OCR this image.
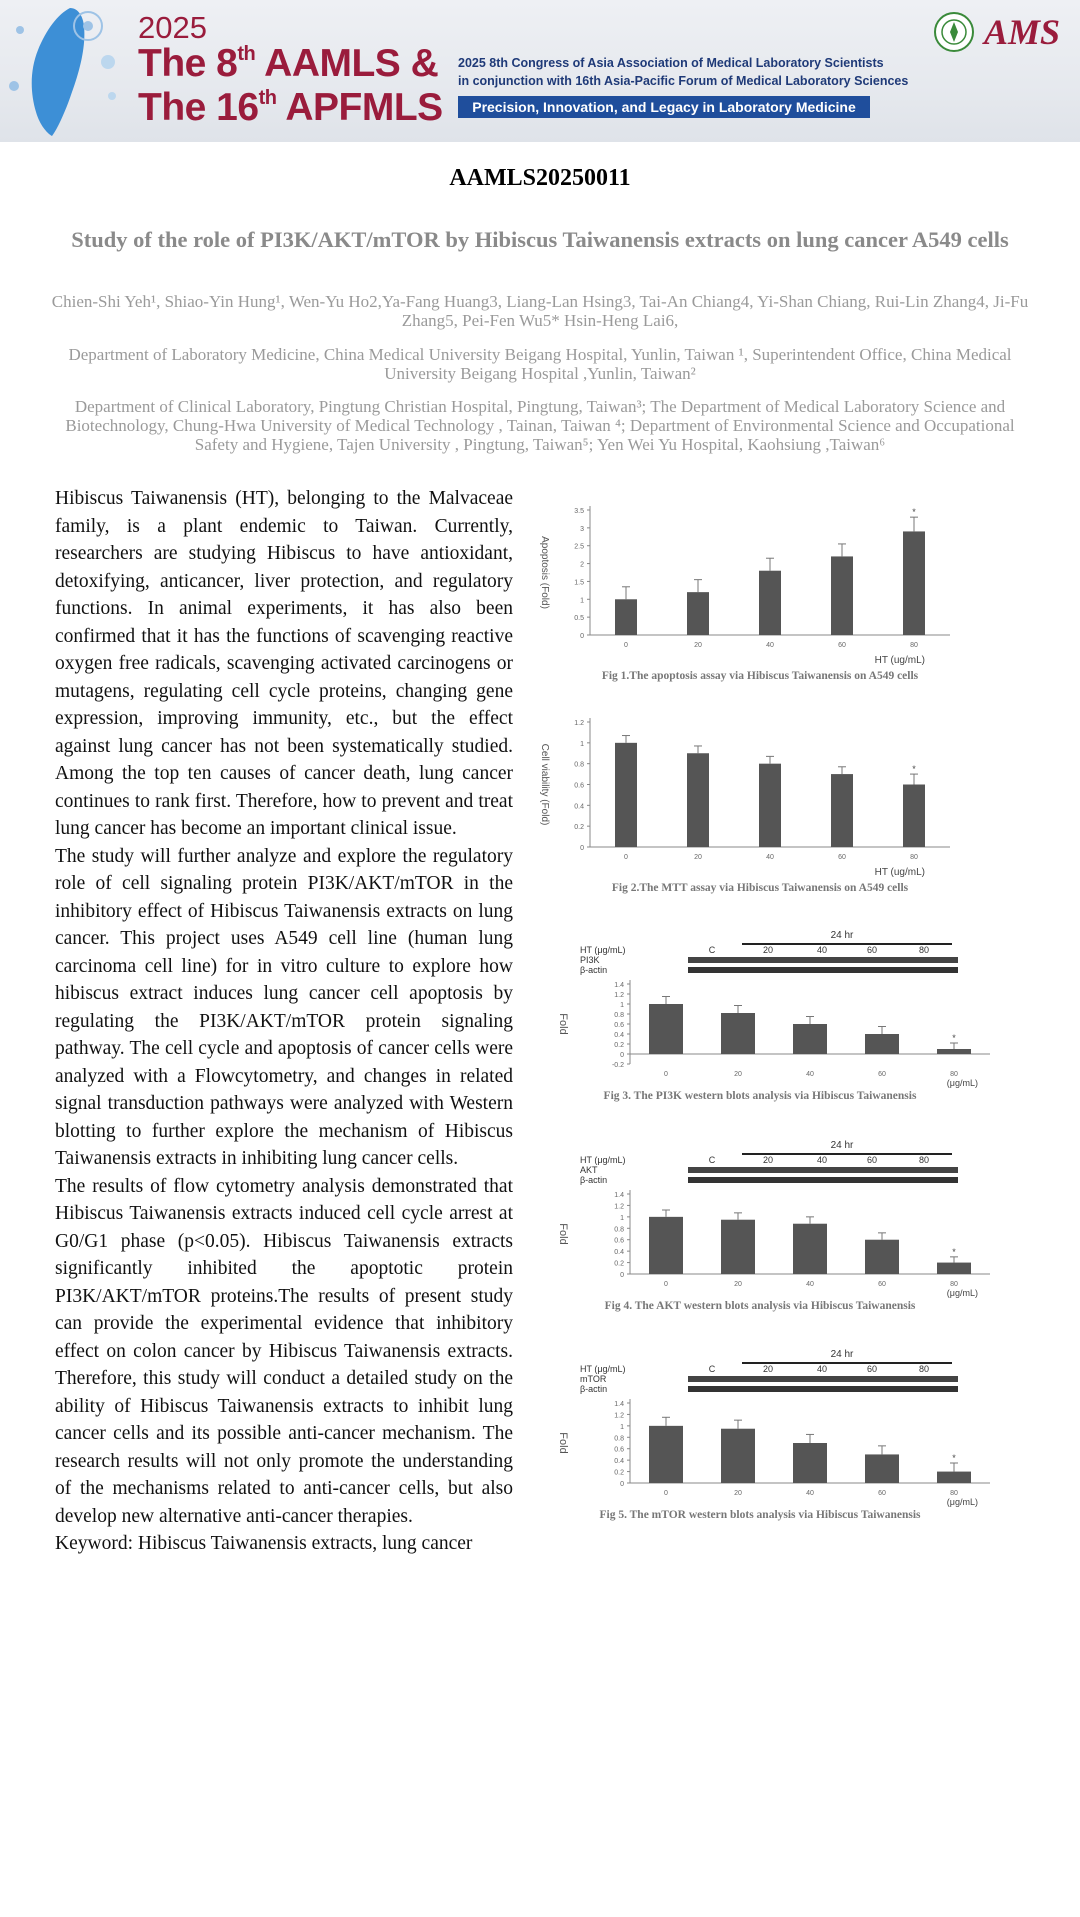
2025
The 8th AAMLS &
The 16th APFMLS
2025 8th Congress of Asia Association of Medical Laboratory Scientists
in conjunction with 16th Asia-Pacific Forum of Medical Laboratory Sciences
Precision, Innovation, and Legacy in Laboratory Medicine
AMS
AAMLS20250011
Study of the role of PI3K/AKT/mTOR by Hibiscus Taiwanensis extracts on lung cancer A549 cells
Chien-Shi Yeh¹, Shiao-Yin Hung¹, Wen-Yu Ho2,Ya-Fang Huang3, Liang-Lan Hsing3, Tai-An Chiang4, Yi-Shan Chiang, Rui-Lin Zhang4, Ji-Fu Zhang5, Pei-Fen Wu5* Hsin-Heng Lai6,
Department of Laboratory Medicine, China Medical University Beigang Hospital, Yunlin, Taiwan ¹, Superintendent Office, China Medical University Beigang Hospital ,Yunlin, Taiwan²
Department of Clinical Laboratory, Pingtung Christian Hospital, Pingtung, Taiwan³; The Department of Medical Laboratory Science and Biotechnology, Chung-Hwa University of Medical Technology , Tainan, Taiwan ⁴; Department of Environmental Science and Occupational Safety and Hygiene, Tajen University , Pingtung, Taiwan⁵; Yen Wei Yu Hospital, Kaohsiung ,Taiwan⁶

Hibiscus Taiwanensis (HT), belonging to the Malvaceae family, is a plant endemic to Taiwan. Currently, researchers are studying Hibiscus to have antioxidant, detoxifying, anticancer, liver protection, and regulatory functions. In animal experiments, it has also been confirmed that it has the functions of scavenging reactive oxygen free radicals, scavenging activated carcinogens or mutagens, regulating cell cycle proteins, changing gene expression, improving immunity, etc., but the effect against lung cancer has not been systematically studied. Among the top ten causes of cancer death, lung cancer continues to rank first. Therefore, how to prevent and treat lung cancer has become an important clinical issue.

The study will further analyze and explore the regulatory role of cell signaling protein PI3K/AKT/mTOR in the inhibitory effect of Hibiscus Taiwanensis extracts on lung cancer. This project uses A549 cell line (human lung carcinoma cell line) for in vitro culture to explore how hibiscus extract induces lung cancer cell apoptosis by regulating the PI3K/AKT/mTOR protein signaling pathway. The cell cycle and apoptosis of cancer cells were analyzed with a Flowcytometry, and changes in related signal transduction pathways were analyzed with Western blotting to further explore the mechanism of Hibiscus Taiwanensis extracts in inhibiting lung cancer cells.

The results of flow cytometry analysis demonstrated that Hibiscus Taiwanensis extracts induced cell cycle arrest at G0/G1 phase (p<0.05). Hibiscus Taiwanensis extracts significantly inhibited the apoptotic protein PI3K/AKT/mTOR proteins.The results of present study can provide the experimental evidence that inhibitory effect on colon cancer by Hibiscus Taiwanensis extracts. Therefore, this study will conduct a detailed study on the ability of Hibiscus Taiwanensis extracts to inhibit lung cancer cells and its possible anti-cancer mechanism. The research results will not only promote the understanding of the mechanisms related to anti-cancer cells, but also develop new alternative anti-cancer therapies.

Keyword: Hibiscus Taiwanensis extracts, lung cancer

0
0.5
1
1.5
2
2.5
3
3.5
Apoptosis (Fold)
0	20	40	60
*
80
HT (ug/mL)
Fig 1.The apoptosis assay via Hibiscus Taiwanensis on A549 cells
0
0.2
0.4
0.6
0.8
1
1.2
Cell viability (Fold)
0	20	40	60
*
80
HT (ug/mL)
Fig 2.The MTT assay via Hibiscus Taiwanensis on A549 cells
24 hr
HT (μg/mL)
PI3K
β-actin
C	20	40	60	80
-0.2
0
0.2
0.4
0.6
0.8
1
1.2
1.4
Fold
0	20	40	60
*
80
(μg/mL)
Fig 3. The PI3K western blots analysis via Hibiscus Taiwanensis
24 hr
HT (μg/mL)
AKT
β-actin
C	20	40	60	80
0
0.2
0.4
0.6
0.8
1
1.2
1.4
Fold
0	20	40	60
*
80
(μg/mL)
Fig 4. The AKT western blots analysis via Hibiscus Taiwanensis
24 hr
HT (μg/mL)
mTOR
β-actin
C	20	40	60	80
0
0.2
0.4
0.6
0.8
1
1.2
1.4
Fold
0	20	40	60
*
80
(μg/mL)
Fig 5. The mTOR western blots analysis via Hibiscus Taiwanensis
